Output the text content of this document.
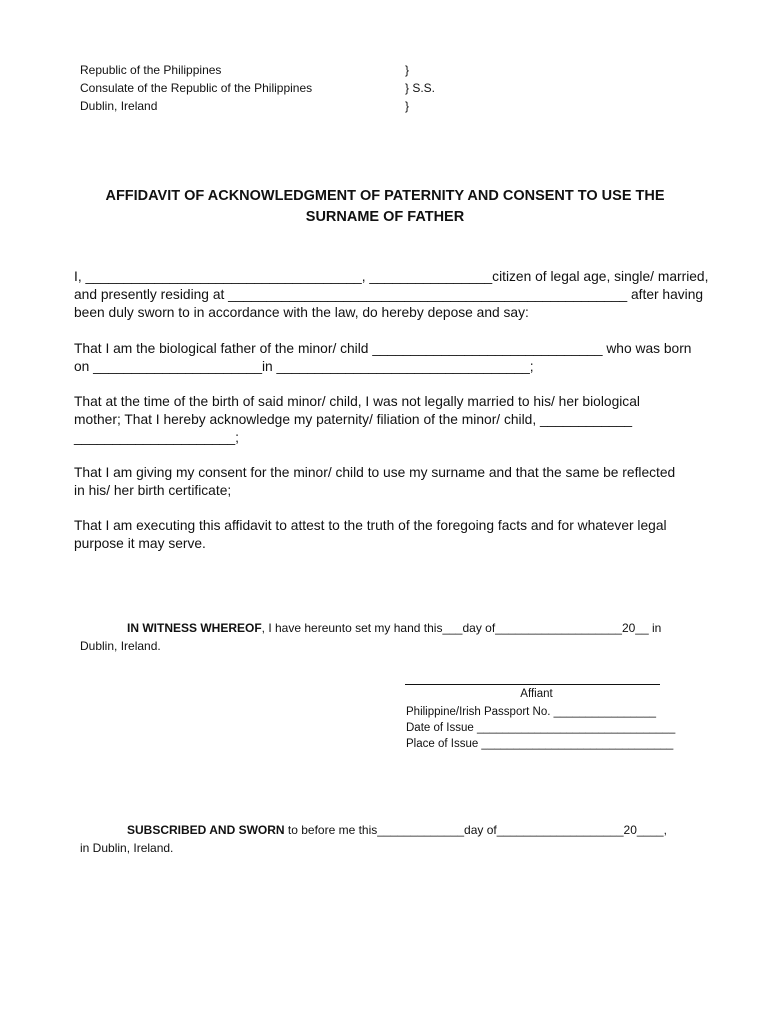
Republic of the Philippines
Consulate of the Republic of the Philippines
Dublin, Ireland
}
} S.S.
}
AFFIDAVIT OF ACKNOWLEDGMENT OF PATERNITY AND CONSENT TO USE THE
SURNAME OF FATHER
I, ____________________________________, ________________citizen of legal age, single/ married,
and presently residing at ____________________________________________________ after having
been duly sworn to in accordance with the law, do hereby depose and say:
That I am the biological father of the minor/ child ______________________________ who was born
on ______________________in _________________________________;
That at the time of the birth of said minor/ child, I was not legally married to his/ her biological
mother; That I hereby acknowledge my paternity/ filiation of the minor/ child, ____________
_____________________;
That I am giving my consent for the minor/ child to use my surname and that the same be reflected
in his/ her birth certificate;
That I am executing this affidavit to attest to the truth of the foregoing facts and for whatever legal
purpose it may serve.
IN WITNESS WHEREOF, I have hereunto set my hand this___day of___________________20__ in
Dublin, Ireland.
Affiant
Philippine/Irish Passport No. ________________
Date of Issue _______________________________
Place of Issue ______________________________
SUBSCRIBED AND SWORN to before me this_____________day of___________________20____,
in Dublin, Ireland.
